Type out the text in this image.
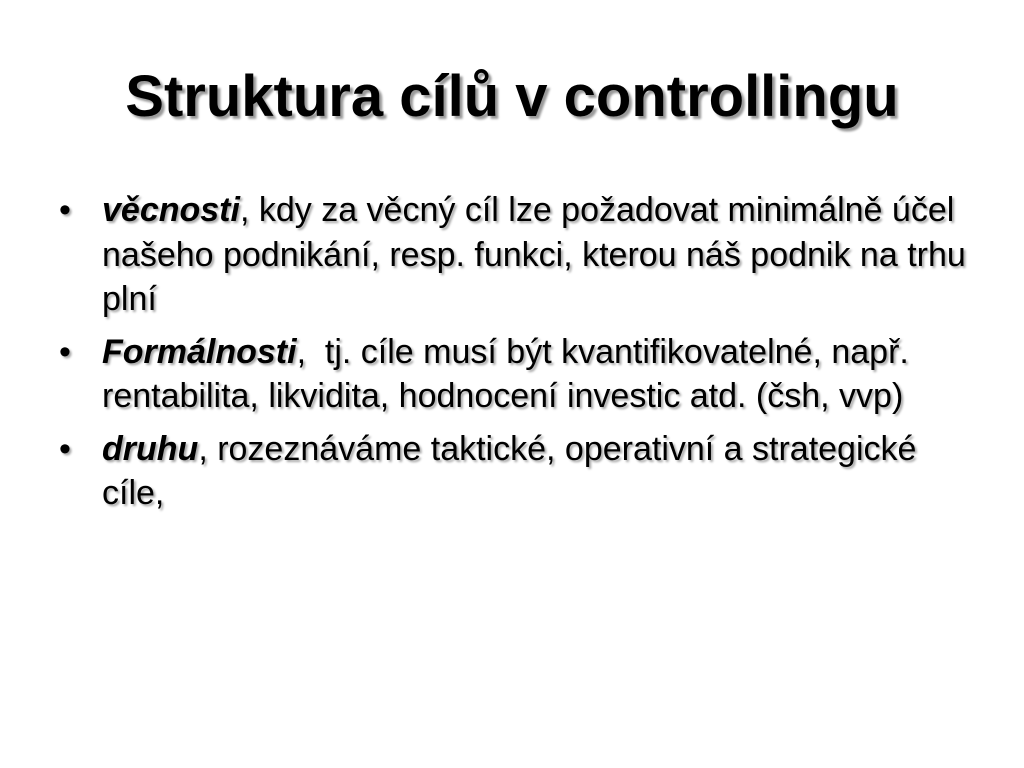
Struktura cílů v controllingu
• věcnosti, kdy za věcný cíl lze požadovat minimálně účel našeho podnikání, resp. funkci, kterou náš podnik na trhu plní
• Formálnosti,  tj. cíle musí být kvantifikovatelné, např. rentabilita, likvidita, hodnocení investic atd. (čsh, vvp)
• druhu, rozeznáváme taktické, operativní a strategické cíle,
